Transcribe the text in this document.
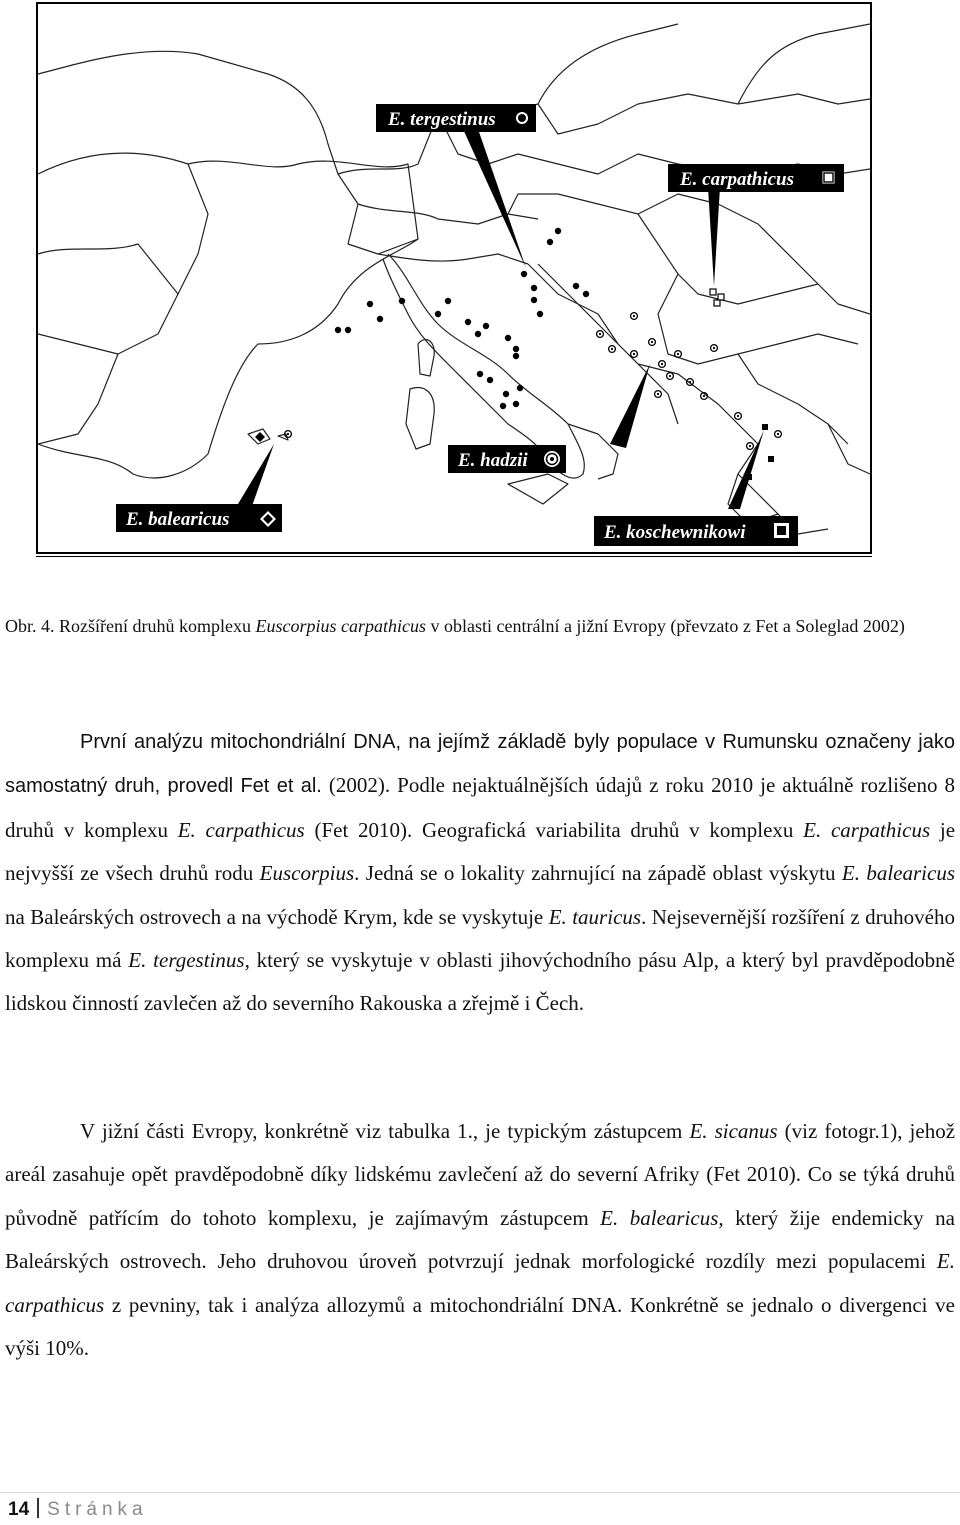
E. tergestinus
E. carpathicus
E. hadzii
E. balearicus
E. koschewnikowi
Obr. 4. Rozšíření druhů komplexu Euscorpius carpathicus v oblasti centrální a jižní Evropy (převzato z Fet a Soleglad 2002)

První analýzu mitochondriální DNA, na jejímž základě byly populace v Rumunsku označeny jako samostatný druh, provedl Fet et al. (2002). Podle nejaktuálnějších údajů z roku 2010 je aktuálně rozlišeno 8 druhů v komplexu E. carpathicus (Fet 2010). Geografická variabilita druhů v komplexu E. carpathicus je nejvyšší ze všech druhů rodu Euscorpius. Jedná se o lokality zahrnující na západě oblast výskytu E. balearicus na Baleárských ostrovech a na východě Krym, kde se vyskytuje E. tauricus. Nejsevernější rozšíření z druhového komplexu má E. tergestinus, který se vyskytuje v oblasti jihovýchodního pásu Alp, a který byl pravděpodobně lidskou činností zavlečen až do severního Rakouska a zřejmě i Čech.

V jižní části Evropy, konkrétně viz tabulka 1., je typickým zástupcem E. sicanus (viz fotogr.1), jehož areál zasahuje opět pravděpodobně díky lidskému zavlečení až do severní Afriky (Fet 2010). Co se týká druhů původně patřícím do tohoto komplexu, je zajímavým zástupcem E. balearicus, který žije endemicky na Baleárských ostrovech. Jeho druhovou úroveň potvrzují jednak morfologické rozdíly mezi populacemi E. carpathicus z pevniny, tak i analýza allozymů a mitochondriální DNA. Konkrétně se jednalo o divergenci ve výši 10%.

14 Stránka
